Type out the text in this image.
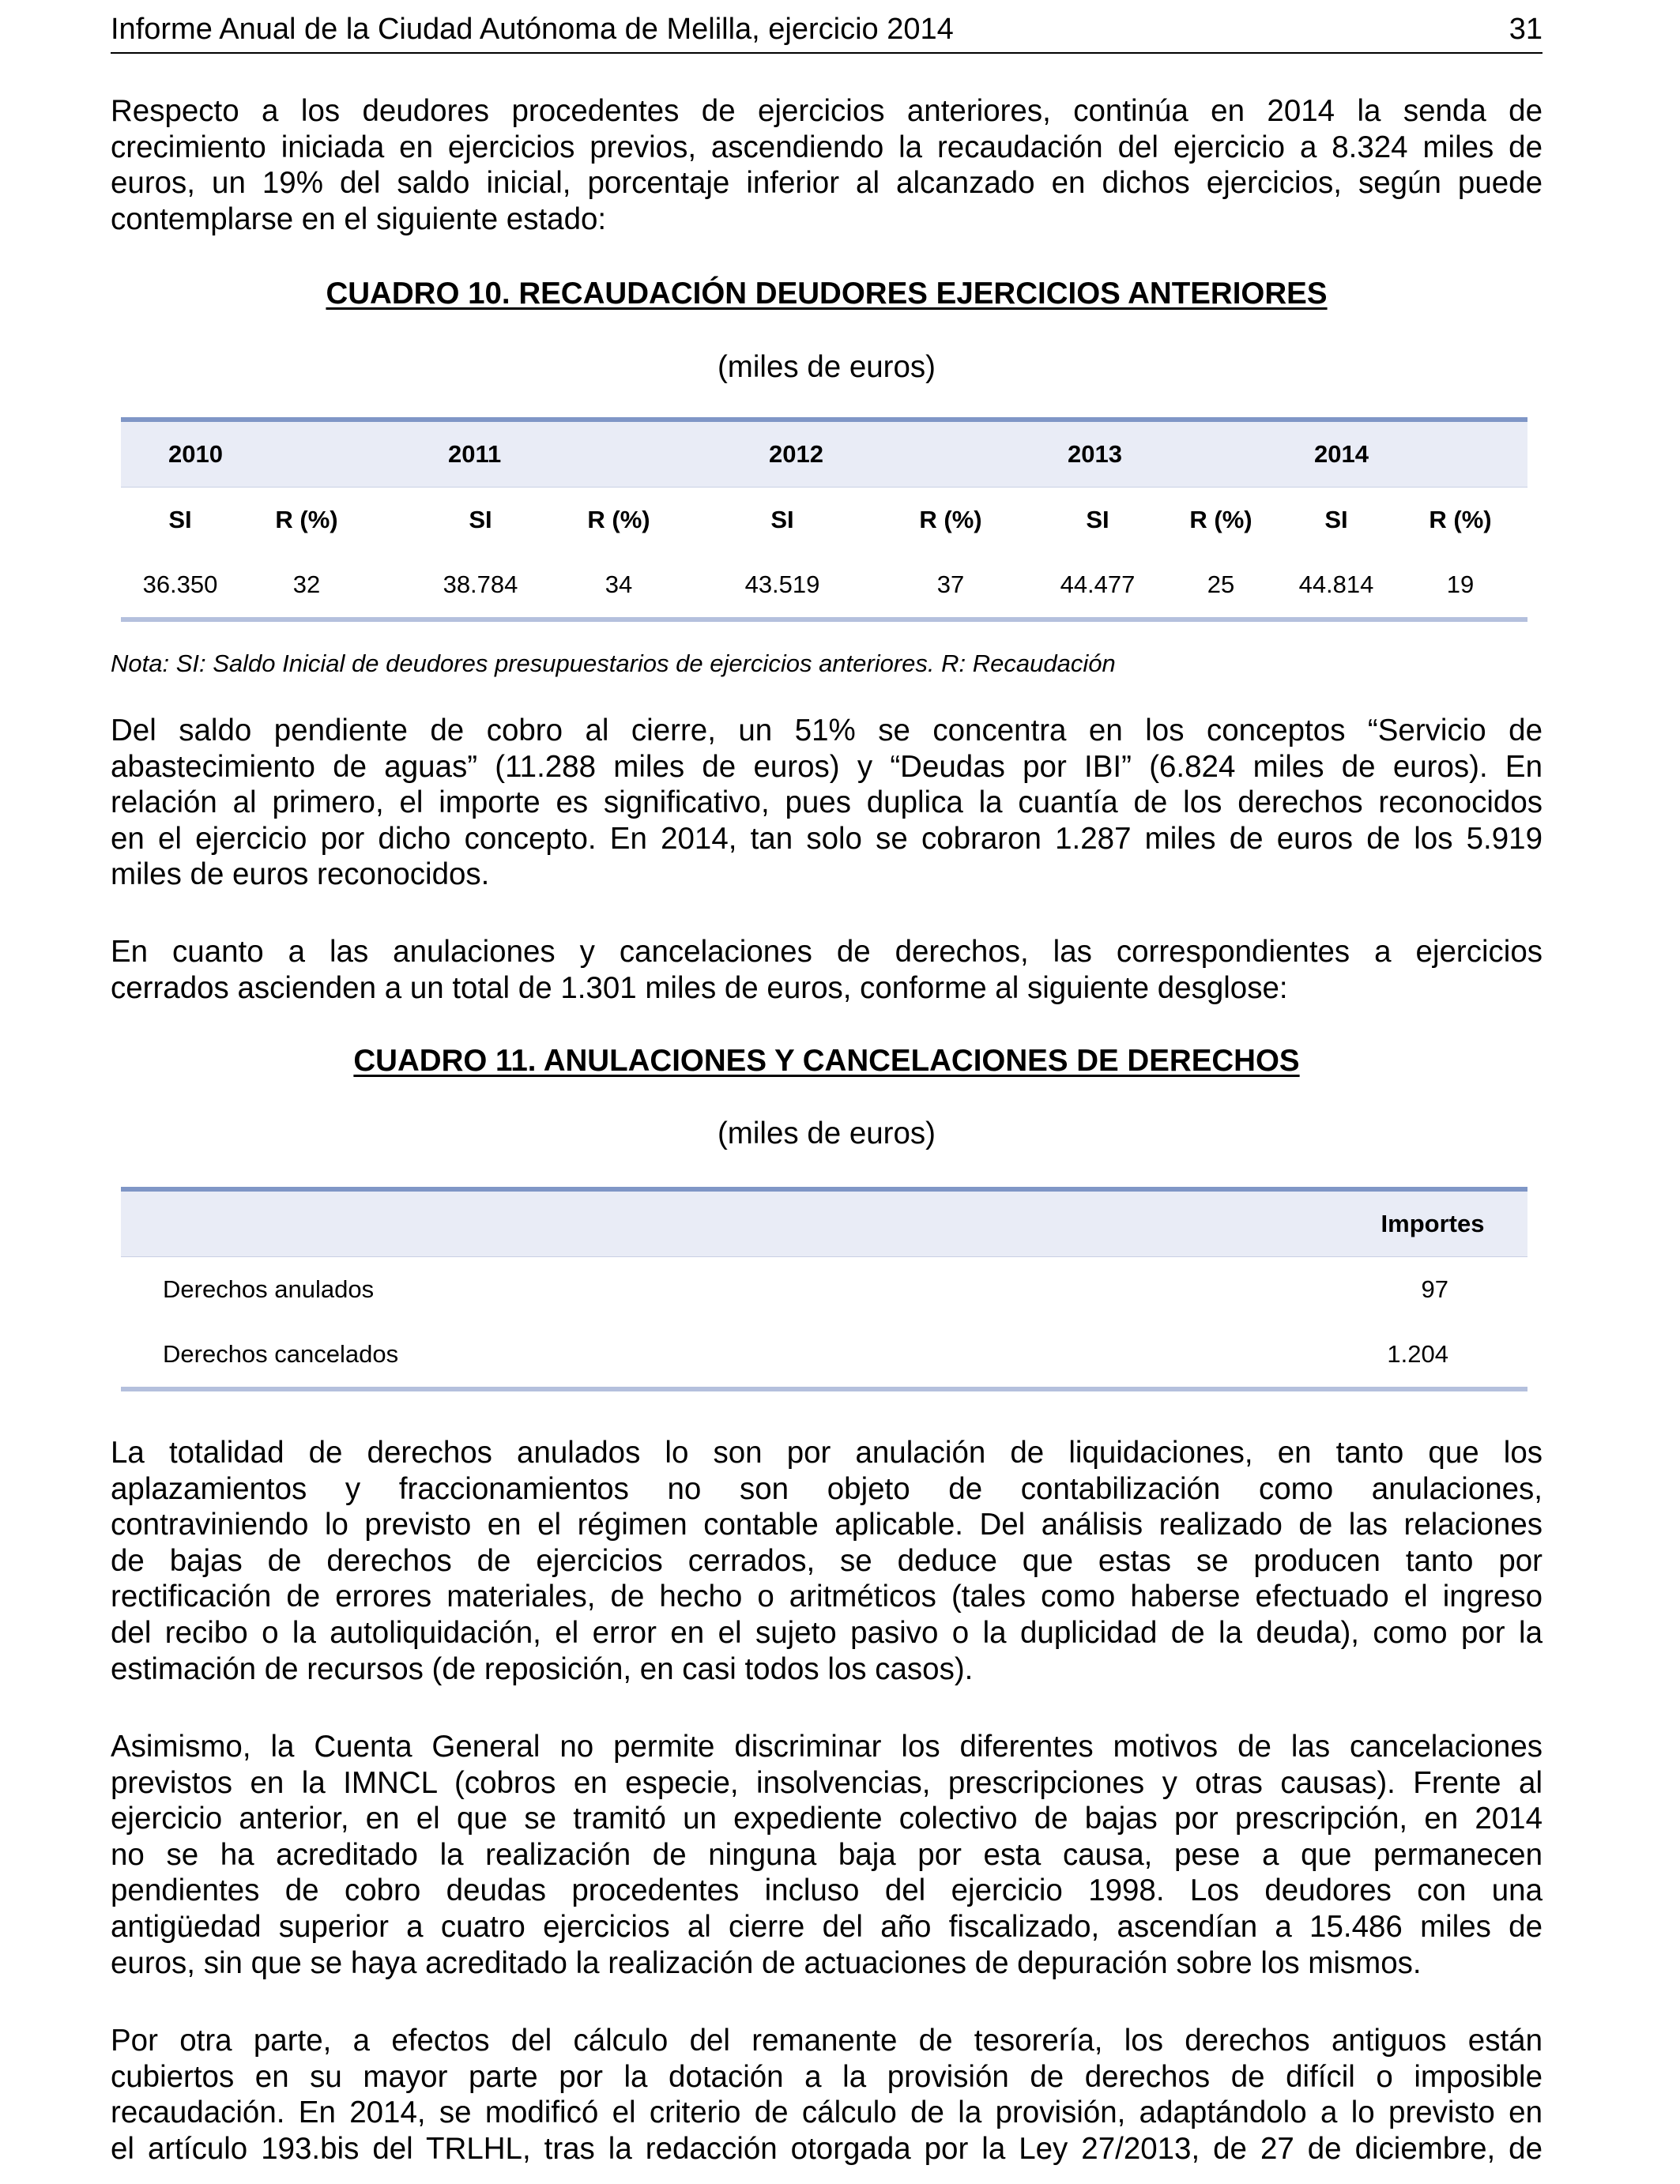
Informe Anual de la Ciudad Autónoma de Melilla, ejercicio 2014	31

Respecto a los deudores procedentes de ejercicios anteriores, continúa en 2014 la senda de
crecimiento iniciada en ejercicios previos, ascendiendo la recaudación del ejercicio a 8.324 miles de
euros, un 19% del saldo inicial, porcentaje inferior al alcanzado en dichos ejercicios, según puede
contemplarse en el siguiente estado:

CUADRO 10. RECAUDACIÓN DEUDORES EJERCICIOS ANTERIORES
(miles de euros)
2010	2011	2012	2013	2014
SI	R (%)	SI	R (%)	SI	R (%)	SI	R (%)	SI	R (%)
36.350	32	38.784	34	43.519	37	44.477	25	44.814	19
Nota: SI: Saldo Inicial de deudores presupuestarios de ejercicios anteriores. R: Recaudación

Del saldo pendiente de cobro al cierre, un 51% se concentra en los conceptos “Servicio de
abastecimiento de aguas” (11.288 miles de euros) y “Deudas por IBI” (6.824 miles de euros). En
relación al primero, el importe es significativo, pues duplica la cuantía de los derechos reconocidos
en el ejercicio por dicho concepto. En 2014, tan solo se cobraron 1.287 miles de euros de los 5.919
miles de euros reconocidos.

En cuanto a las anulaciones y cancelaciones de derechos, las correspondientes a ejercicios
cerrados ascienden a un total de 1.301 miles de euros, conforme al siguiente desglose:

CUADRO 11. ANULACIONES Y CANCELACIONES DE DERECHOS
(miles de euros)
Importes
Derechos anulados	97
Derechos cancelados	1.204

La totalidad de derechos anulados lo son por anulación de liquidaciones, en tanto que los
aplazamientos y fraccionamientos no son objeto de contabilización como anulaciones,
contraviniendo lo previsto en el régimen contable aplicable. Del análisis realizado de las relaciones
de bajas de derechos de ejercicios cerrados, se deduce que estas se producen tanto por
rectificación de errores materiales, de hecho o aritméticos (tales como haberse efectuado el ingreso
del recibo o la autoliquidación, el error en el sujeto pasivo o la duplicidad de la deuda), como por la
estimación de recursos (de reposición, en casi todos los casos).

Asimismo, la Cuenta General no permite discriminar los diferentes motivos de las cancelaciones
previstos en la IMNCL (cobros en especie, insolvencias, prescripciones y otras causas). Frente al
ejercicio anterior, en el que se tramitó un expediente colectivo de bajas por prescripción, en 2014
no se ha acreditado la realización de ninguna baja por esta causa, pese a que permanecen
pendientes de cobro deudas procedentes incluso del ejercicio 1998. Los deudores con una
antigüedad superior a cuatro ejercicios al cierre del año fiscalizado, ascendían a 15.486 miles de
euros, sin que se haya acreditado la realización de actuaciones de depuración sobre los mismos.

Por otra parte, a efectos del cálculo del remanente de tesorería, los derechos antiguos están
cubiertos en su mayor parte por la dotación a la provisión de derechos de difícil o imposible
recaudación. En 2014, se modificó el criterio de cálculo de la provisión, adaptándolo a lo previsto en
el artículo 193.bis del TRLHL, tras la redacción otorgada por la Ley 27/2013, de 27 de diciembre, de
